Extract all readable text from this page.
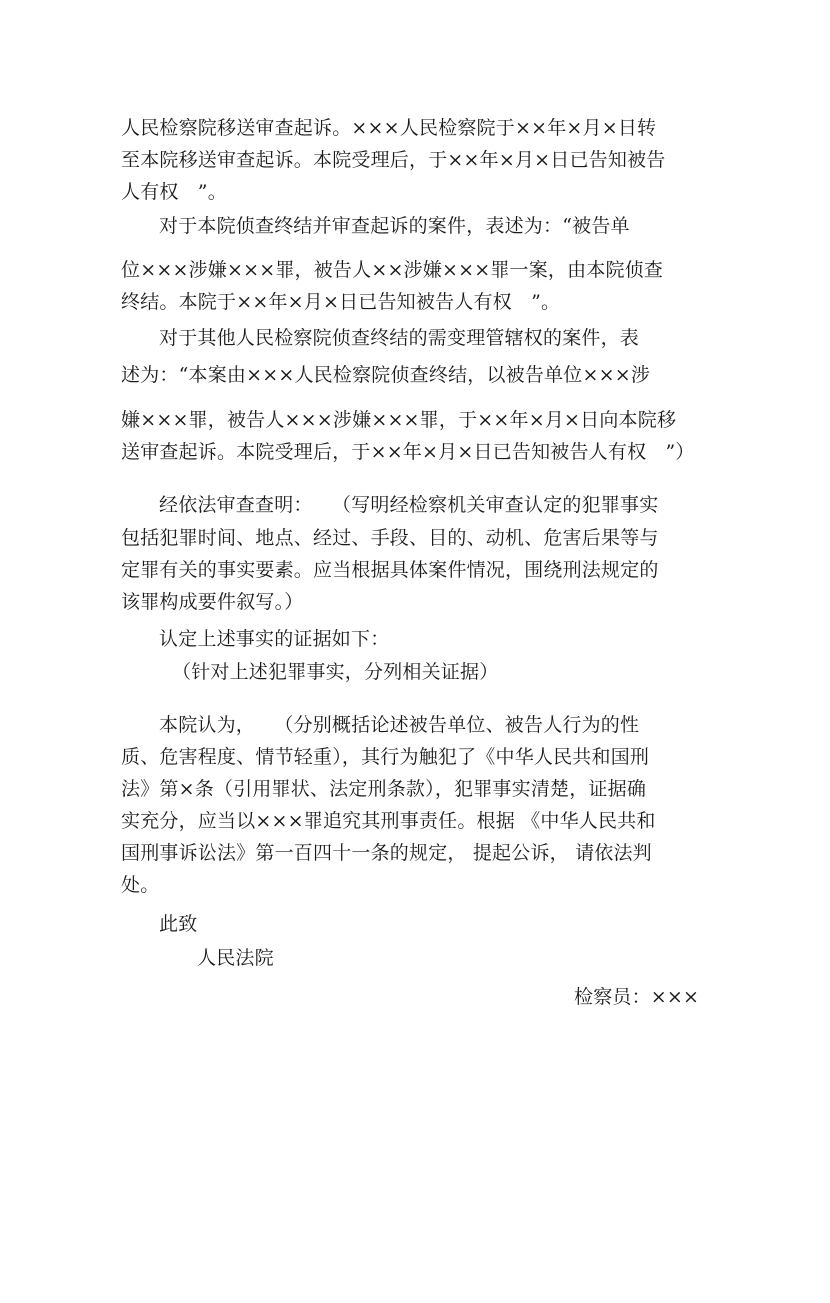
人民检察院移送审查起诉。×××人民检察院于××年×月×日转
至本院移送审查起诉。本院受理后，于××年×月×日已告知被告
人有权　”。
对于本院侦查终结并审查起诉的案件，表述为：“被告单
位×××涉嫌×××罪，被告人××涉嫌×××罪一案，由本院侦查
终结。本院于××年×月×日已告知被告人有权　”。
对于其他人民检察院侦查终结的需变理管辖权的案件，表
述为：“本案由×××人民检察院侦查终结，以被告单位×××涉
嫌×××罪，被告人×××涉嫌×××罪，于××年×月×日向本院移
送审查起诉。本院受理后，于××年×月×日已告知被告人有权　”）
经依法审查查明：　　（写明经检察机关审查认定的犯罪事实
包括犯罪时间、地点、经过、手段、目的、动机、危害后果等与
定罪有关的事实要素。应当根据具体案件情况，围绕刑法规定的
该罪构成要件叙写。）
认定上述事实的证据如下：
（针对上述犯罪事实，分列相关证据）
本院认为，　　（分别概括论述被告单位、被告人行为的性
质、危害程度、情节轻重），其行为触犯了《中华人民共和国刑
法》第×条（引用罪状、法定刑条款），犯罪事实清楚，证据确
实充分，应当以×××罪追究其刑事责任。根据 《中华人民共和
国刑事诉讼法》第一百四十一条的规定， 提起公诉， 请依法判
处。
此致
人民法院
检察员：×××
